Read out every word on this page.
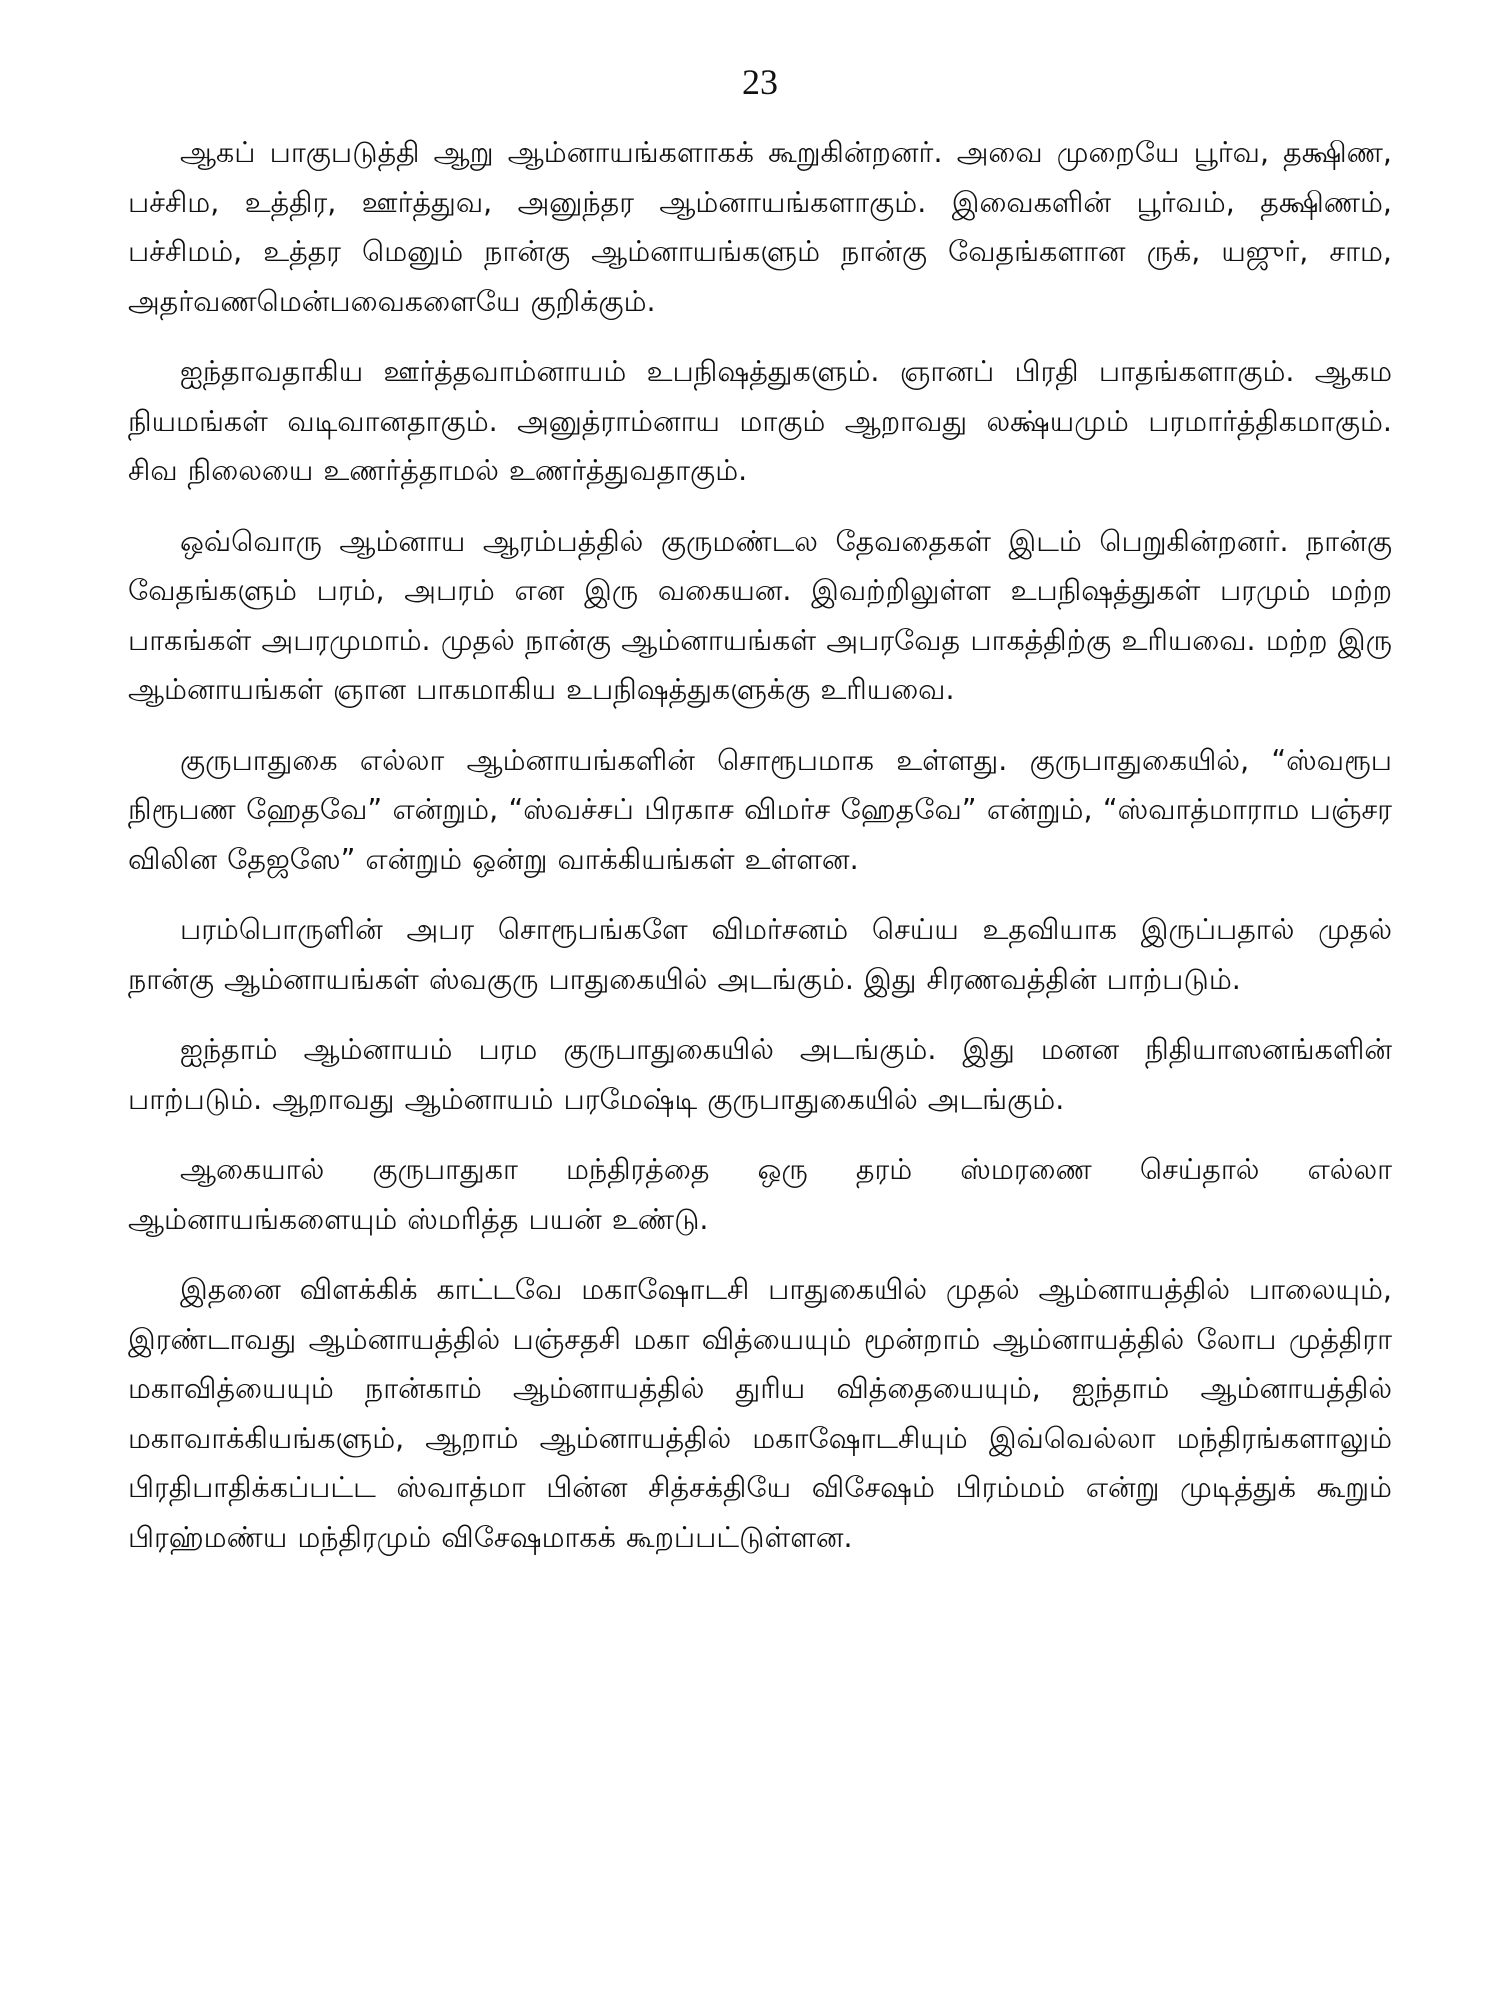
23

ஆகப் பாகுபடுத்தி ஆறு ஆம்னாயங்களாகக் கூறுகின்றனர். அவை முறையே பூர்வ, தக்ஷிண, பச்சிம, உத்திர, ஊர்த்துவ, அனுந்தர ஆம்னாயங்களாகும். இவைகளின் பூர்வம், தக்ஷிணம், பச்சிமம், உத்தர மெனும் நான்கு ஆம்னாயங்களும் நான்கு வேதங்களான ருக், யஜுர், சாம, அதர்வணமென்பவைகளையே குறிக்கும்.

ஐந்தாவதாகிய ஊர்த்தவாம்னாயம் உபநிஷத்துகளும். ஞானப் பிரதி பாதங்களாகும். ஆகம நியமங்கள் வடிவானதாகும். அனுத்ராம்னாய மாகும் ஆறாவது லக்ஷ்யமும் பரமார்த்திகமாகும். சிவ நிலையை உணர்த்தாமல் உணர்த்துவதாகும்.

ஒவ்வொரு ஆம்னாய ஆரம்பத்தில் குருமண்டல தேவதைகள் இடம் பெறுகின்றனர். நான்கு வேதங்களும் பரம், அபரம் என இரு வகையன. இவற்றிலுள்ள உபநிஷத்துகள் பரமும் மற்ற பாகங்கள் அபரமுமாம். முதல் நான்கு ஆம்னாயங்கள் அபரவேத பாகத்திற்கு உரியவை. மற்ற இரு ஆம்னாயங்கள் ஞான பாகமாகிய உபநிஷத்துகளுக்கு உரியவை.

குருபாதுகை எல்லா ஆம்னாயங்களின் சொரூபமாக உள்ளது. குருபாதுகையில், “ஸ்வரூப நிரூபண ஹேதவே” என்றும், “ஸ்வச்சப் பிரகாச விமர்ச ஹேதவே” என்றும், “ஸ்வாத்மாராம பஞ்சர விலின தேஜஸே” என்றும் ஒன்று வாக்கியங்கள் உள்ளன.

பரம்பொருளின் அபர சொரூபங்களே விமர்சனம் செய்ய உதவியாக இருப்பதால் முதல் நான்கு ஆம்னாயங்கள் ஸ்வகுரு பாதுகையில் அடங்கும். இது சிரணவத்தின் பாற்படும்.

ஐந்தாம் ஆம்னாயம் பரம குருபாதுகையில் அடங்கும். இது மனன நிதியாஸனங்களின் பாற்படும். ஆறாவது ஆம்னாயம் பரமேஷ்டி குருபாதுகையில் அடங்கும்.

ஆகையால் குருபாதுகா மந்திரத்தை ஒரு தரம் ஸ்மரணை செய்தால் எல்லா ஆம்னாயங்களையும் ஸ்மரித்த பயன் உண்டு.

இதனை விளக்கிக் காட்டவே மகாஷோடசி பாதுகையில் முதல் ஆம்னாயத்தில் பாலையும், இரண்டாவது ஆம்னாயத்தில் பஞ்சதசி மகா வித்யையும் மூன்றாம் ஆம்னாயத்தில் லோப முத்திரா மகாவித்யையும் நான்காம் ஆம்னாயத்தில் துரிய வித்தையையும், ஐந்தாம் ஆம்னாயத்தில் மகாவாக்கியங்களும், ஆறாம் ஆம்னாயத்தில் மகாஷோடசியும் இவ்வெல்லா மந்திரங்களாலும் பிரதிபாதிக்கப்பட்ட ஸ்வாத்மா பின்ன சித்சக்தியே விசேஷம் பிரம்மம் என்று முடித்துக் கூறும் பிரஹ்மண்ய மந்திரமும் விசேஷமாகக் கூறப்பட்டுள்ளன.
